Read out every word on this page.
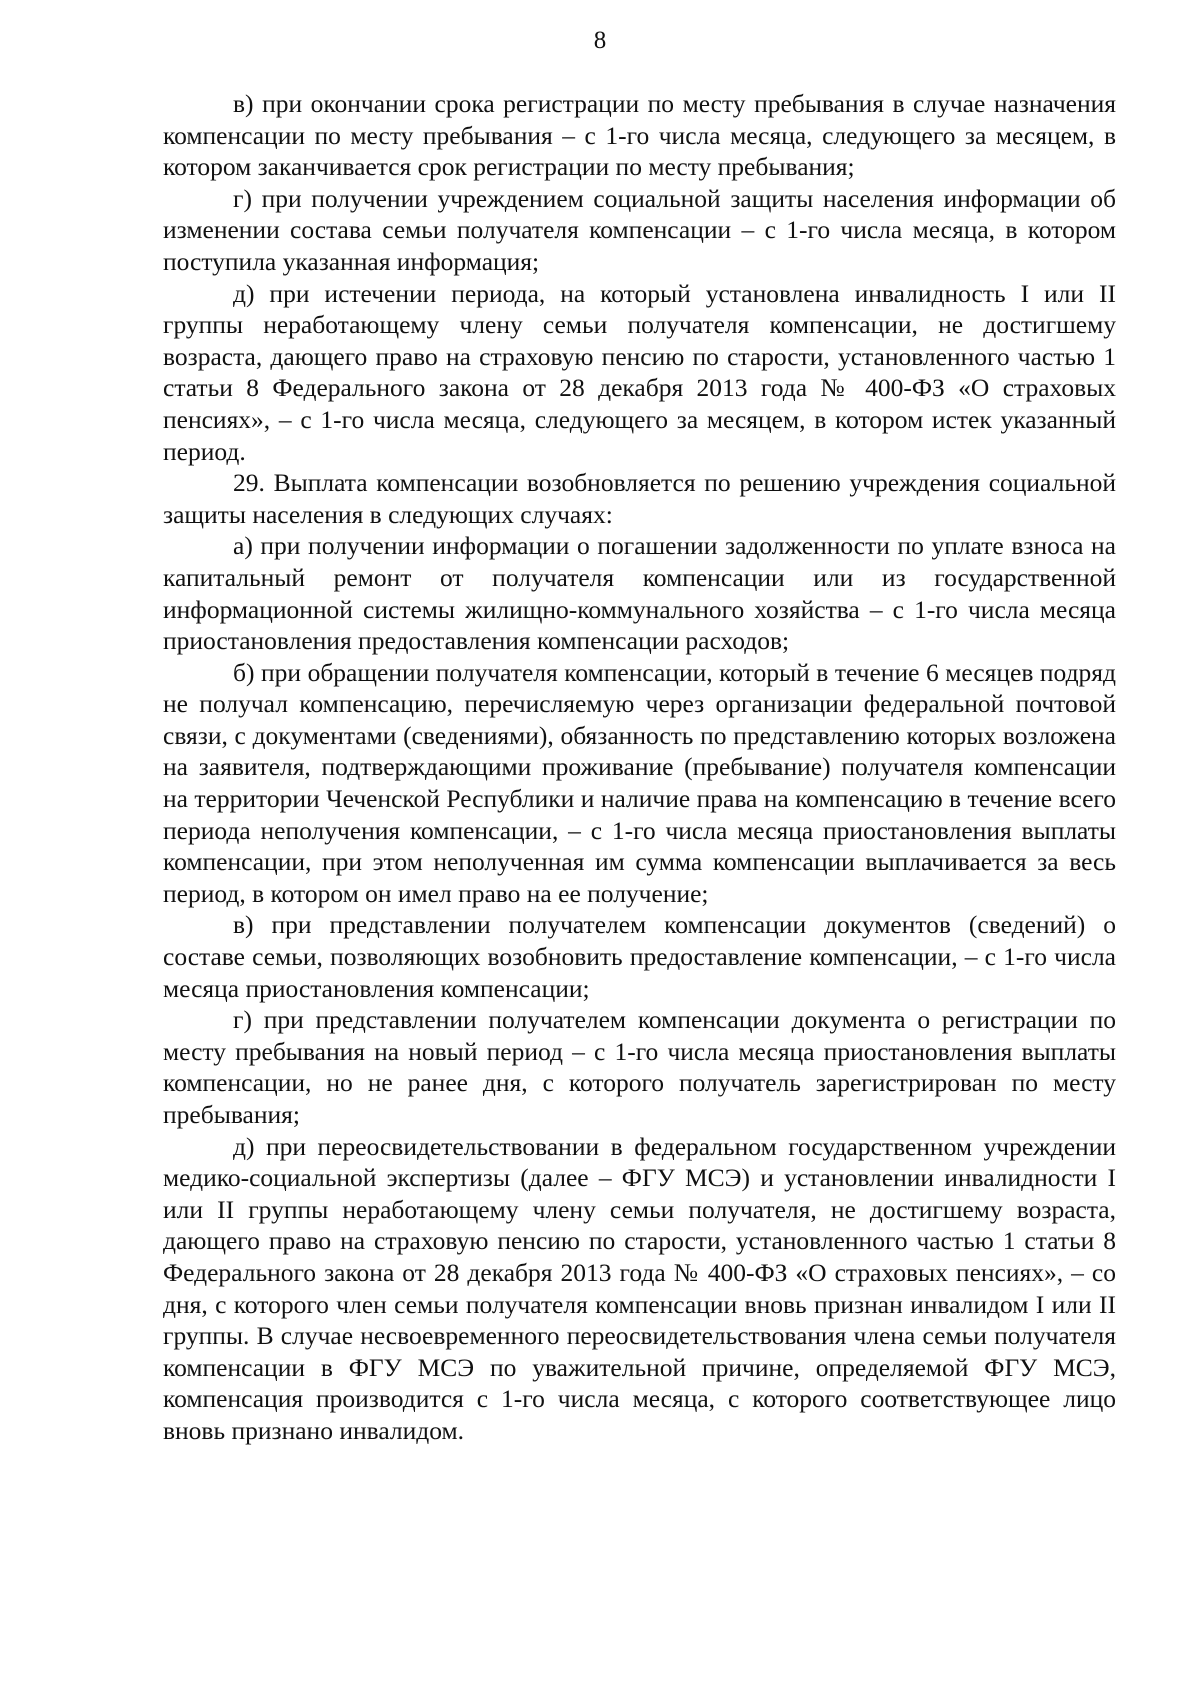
8

в) при окончании срока регистрации по месту пребывания в случае назначения компенсации по месту пребывания – с 1-го числа месяца, следующего за месяцем, в котором заканчивается срок регистрации по месту пребывания;

г) при получении учреждением социальной защиты населения информации об изменении состава семьи получателя компенсации – с 1-го числа месяца, в котором поступила указанная информация;

д) при истечении периода, на который установлена инвалидность I или II группы неработающему члену семьи получателя компенсации, не достигшему возраста, дающего право на страховую пенсию по старости, установленного частью 1 статьи 8 Федерального закона от 28 декабря 2013 года № 400-ФЗ «О страховых пенсиях», – с 1-го числа месяца, следующего за месяцем, в котором истек указанный период.

29. Выплата компенсации возобновляется по решению учреждения социальной защиты населения в следующих случаях:

а) при получении информации о погашении задолженности по уплате взноса на капитальный ремонт от получателя компенсации или из государственной информационной системы жилищно-коммунального хозяйства – с 1-го числа месяца приостановления предоставления компенсации расходов;

б) при обращении получателя компенсации, который в течение 6 месяцев подряд не получал компенсацию, перечисляемую через организации федеральной почтовой связи, с документами (сведениями), обязанность по представлению которых возложена на заявителя, подтверждающими проживание (пребывание) получателя компенсации на территории Чеченской Республики и наличие права на компенсацию в течение всего периода неполучения компенсации, – с 1-го числа месяца приостановления выплаты компенсации, при этом неполученная им сумма компенсации выплачивается за весь период, в котором он имел право на ее получение;

в) при представлении получателем компенсации документов (сведений) о составе семьи, позволяющих возобновить предоставление компенсации, – с 1-го числа месяца приостановления компенсации;

г) при представлении получателем компенсации документа о регистрации по месту пребывания на новый период – с 1-го числа месяца приостановления выплаты компенсации, но не ранее дня, с которого получатель зарегистрирован по месту пребывания;

д) при переосвидетельствовании в федеральном государственном учреждении медико-социальной экспертизы (далее – ФГУ МСЭ) и установлении инвалидности I или II группы неработающему члену семьи получателя, не достигшему возраста, дающего право на страховую пенсию по старости, установленного частью 1 статьи 8 Федерального закона от 28 декабря 2013 года № 400-ФЗ «О страховых пенсиях», – со дня, с которого член семьи получателя компенсации вновь признан инвалидом I или II группы. В случае несвоевременного переосвидетельствования члена семьи получателя компенсации в ФГУ МСЭ по уважительной причине, определяемой ФГУ МСЭ, компенсация производится с 1-го числа месяца, с которого соответствующее лицо вновь признано инвалидом.
